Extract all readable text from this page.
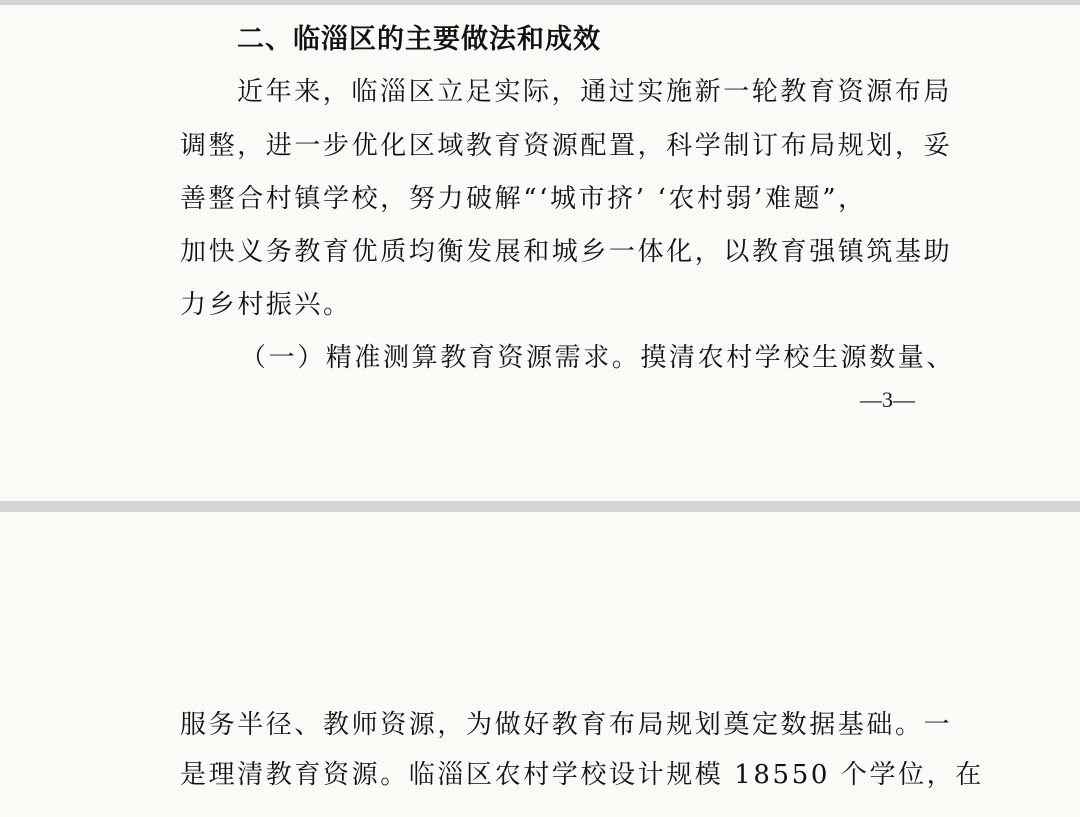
二、临淄区的主要做法和成效
近年来，临淄区立足实际，通过实施新一轮教育资源布局
调整，进一步优化区域教育资源配置，科学制订布局规划，妥
善整合村镇学校，努力破解“‘城市挤’ ‘农村弱’难题”，
加快义务教育优质均衡发展和城乡一体化，以教育强镇筑基助
力乡村振兴。
（一）精准测算教育资源需求。摸清农村学校生源数量、
—3—
服务半径、教师资源，为做好教育布局规划奠定数据基础。一
是理清教育资源。临淄区农村学校设计规模 18550 个学位，在
